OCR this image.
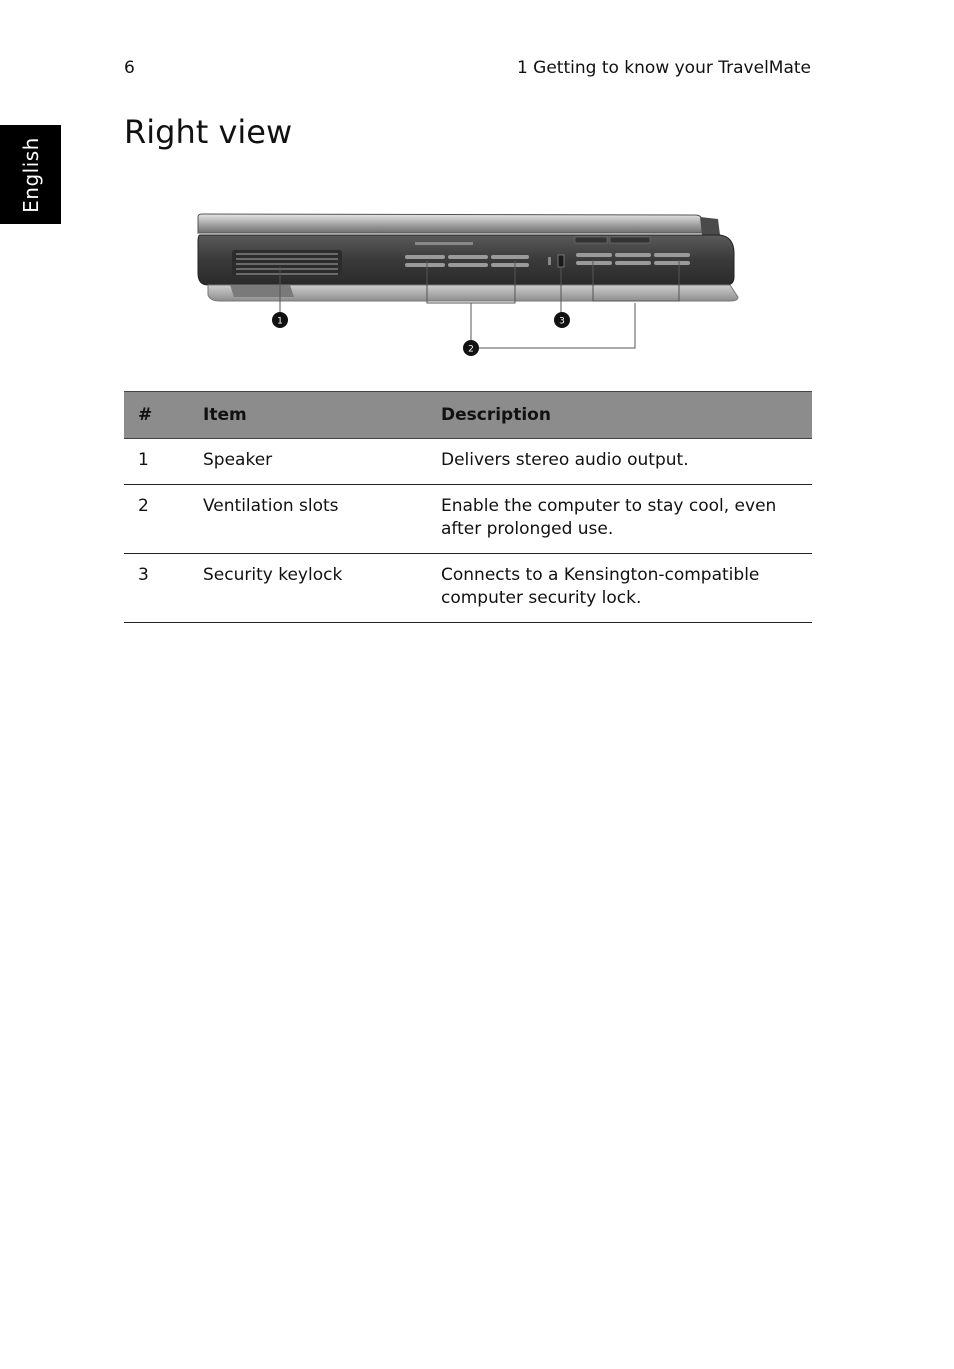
6	1 Getting to know your TravelMate
English
Right view
1
2
3
#	Item	Description
1	Speaker	Delivers stereo audio output.
2	Ventilation slots	Enable the computer to stay cool, even after prolonged use.
3	Security keylock	Connects to a Kensington-compatible computer security lock.
